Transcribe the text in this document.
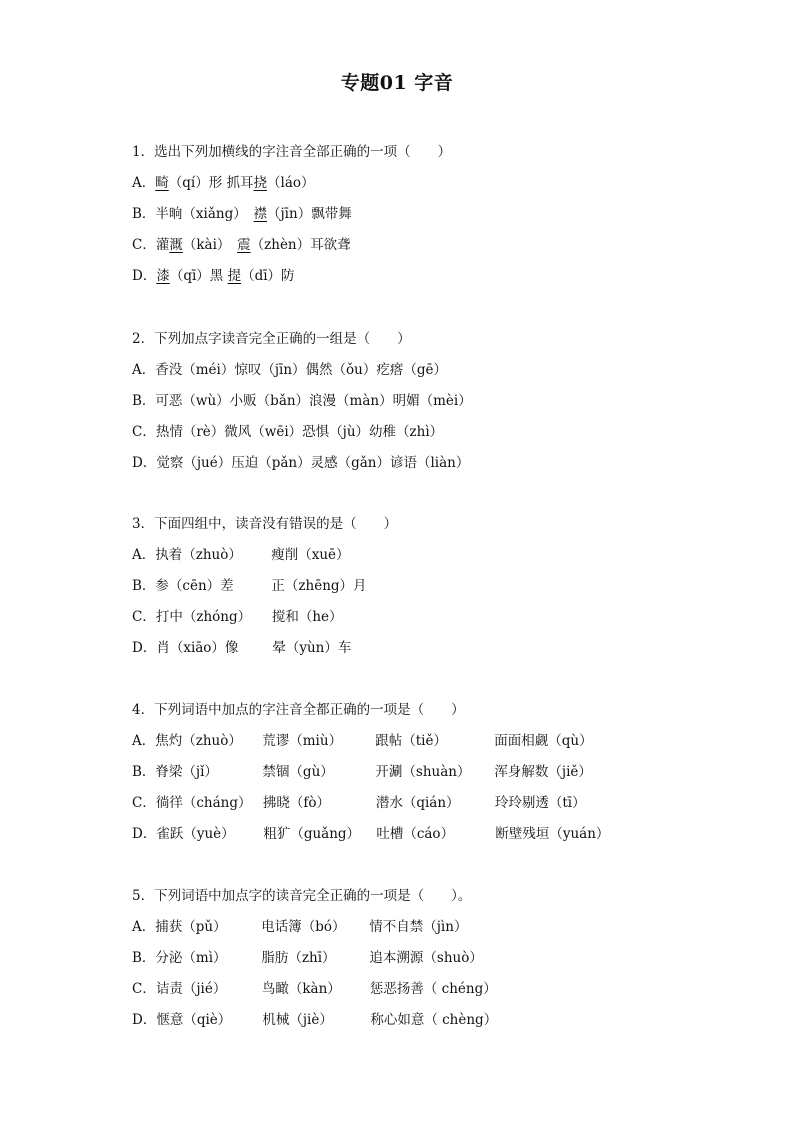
专题01 字音
1．选出下列加横线的字注音全部正确的一项（　　）
A． 畸（qí）形 抓耳挠（láo）
B． 半晌（xiǎng）　襟（jīn）飘带舞
C． 灌溉（kài）　震（zhèn）耳欲聋
D． 漆（qī）黑 提（dī）防
2．下列加点字读音完全正确的一组是（　　）
A． 香没（méi）惊叹（jīn）偶然（ǒu）疙瘩（gē）
B． 可恶（wù）小贩（bǎn）浪漫（màn）明媚（mèi）
C． 热情（rè）微风（wēi）恐惧（jù）幼稚（zhì）
D． 觉察（jué）压迫（pǎn）灵感（gǎn）谚语（liàn）
3．下面四组中，读音没有错误的是（　　）
A． 执着（zhuò） 瘦削（xuē）
B． 参（cēn）差	正（zhēng）月
C． 打中（zhóng） 搅和（he）
D． 肖（xiāo）像	晕（yùn）车
4．下列词语中加点的字注音全都正确的一项是（　　）
A． 焦灼（zhuò） 荒谬（miù） 跟帖（tiě）	面面相觑（qù）
B． 脊梁（jǐ）	禁锢（gù）	开涮（shuàn） 浑身解数（jiě）
C． 徜徉（cháng） 拂晓（fò）	潜水（qián）	玲玲剔透（tī）
D． 雀跃（yuè） 粗犷（guǎng） 吐槽（cáo）	断壁残垣（yuán）
5．下列词语中加点字的读音完全正确的一项是（　　）。
A． 捕获（pǔ）	电话簿（bó） 情不自禁（jìn）
B． 分泌（mì）	脂肪（zhī）	追本溯源（shuò）
C． 诘责（jié）	鸟瞰（kàn） 惩恶扬善（ chéng）
D． 惬意（qiè） 机械（jiè）	称心如意（ chèng）
